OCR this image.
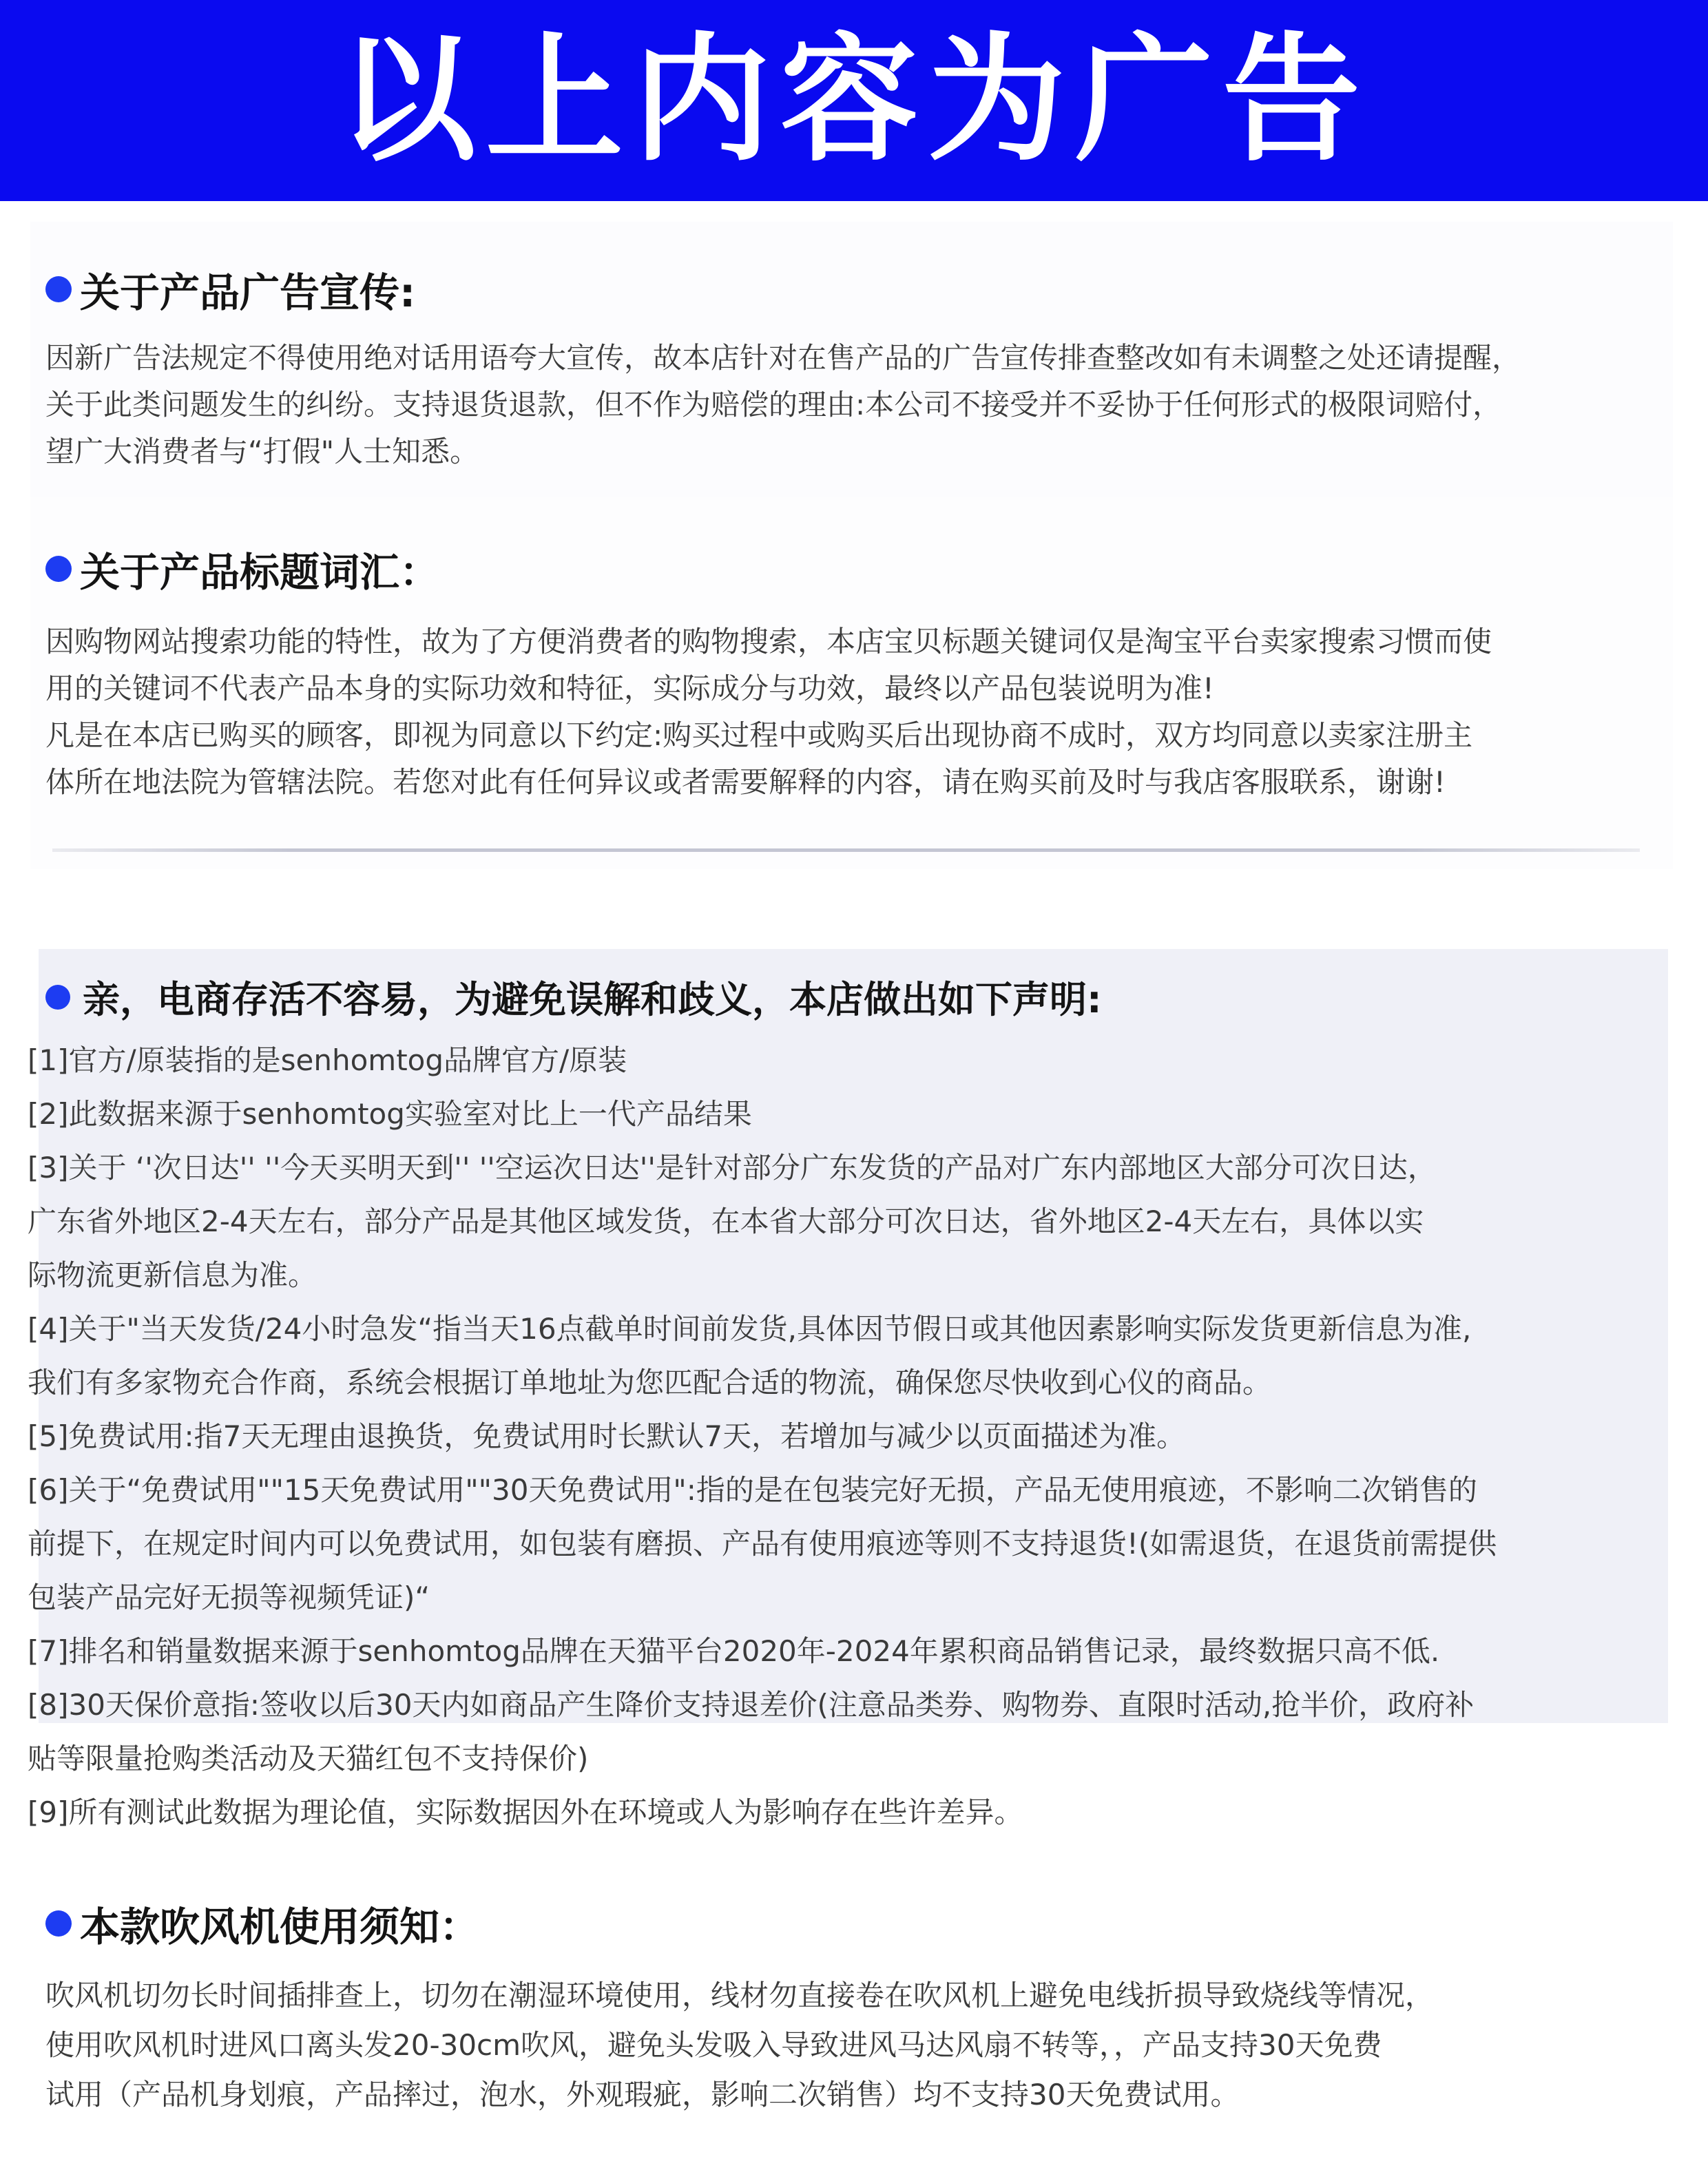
以上内容为广告
关于产品广告宣传:
因新广告法规定不得使用绝对话用语夸大宣传，故本店针对在售产品的广告宣传排查整改如有未调整之处还请提醒，
关于此类问题发生的纠纷。支持退货退款，但不作为赔偿的理由:本公司不接受并不妥协于任何形式的极限词赔付，
望广大消费者与“打假"人士知悉。
关于产品标题词汇：
因购物网站搜索功能的特性，故为了方便消费者的购物搜索，本店宝贝标题关键词仅是淘宝平台卖家搜索习惯而使
用的关键词不代表产品本身的实际功效和特征，实际成分与功效，最终以产品包装说明为准!
凡是在本店已购买的顾客，即视为同意以下约定:购买过程中或购买后出现协商不成时，双方均同意以卖家注册主
体所在地法院为管辖法院。若您对此有任何异议或者需要解释的内容，请在购买前及时与我店客服联系，谢谢!
亲，电商存活不容易，为避免误解和歧义，本店做出如下声明:
[1]官方/原装指的是senhomtog品牌官方/原装
[2]此数据来源于senhomtog实验室对比上一代产品结果
[3]关于 ‘'次日达'' ''今天买明天到'' ''空运次日达''是针对部分广东发货的产品对广东内部地区大部分可次日达，
广东省外地区2-4天左右，部分产品是其他区域发货，在本省大部分可次日达，省外地区2-4天左右，具体以实
际物流更新信息为准。
[4]关于"当天发货/24小时急发“指当天16点截单时间前发货,具体因节假日或其他因素影响实际发货更新信息为准,
我们有多家物充合作商，系统会根据订单地址为您匹配合适的物流，确保您尽快收到心仪的商品。
[5]免费试用:指7天无理由退换货，免费试用时长默认7天，若增加与减少以页面描述为准。
[6]关于“免费试用""15天免费试用""30天免费试用":指的是在包装完好无损，产品无使用痕迹，不影响二次销售的
前提下，在规定时间内可以免费试用，如包装有磨损、产品有使用痕迹等则不支持退货!(如需退货，在退货前需提供
包装产品完好无损等视频凭证)“
[7]排名和销量数据来源于senhomtog品牌在天猫平台2020年-2024年累积商品销售记录，最终数据只高不低.
[8]30天保价意指:签收以后30天内如商品产生降价支持退差价(注意品类券、购物券、直限时活动,抢半价，政府补
贴等限量抢购类活动及天猫红包不支持保价)
[9]所有测试此数据为理论值，实际数据因外在环境或人为影响存在些许差异。
本款吹风机使用须知：
吹风机切勿长时间插排查上，切勿在潮湿环境使用，线材勿直接卷在吹风机上避免电线折损导致烧线等情况，
使用吹风机时进风口离头发20-30cm吹风，避免头发吸入导致进风马达风扇不转等，，产品支持30天免费
试用（产品机身划痕，产品摔过，泡水，外观瑕疵，影响二次销售）均不支持30天免费试用。
